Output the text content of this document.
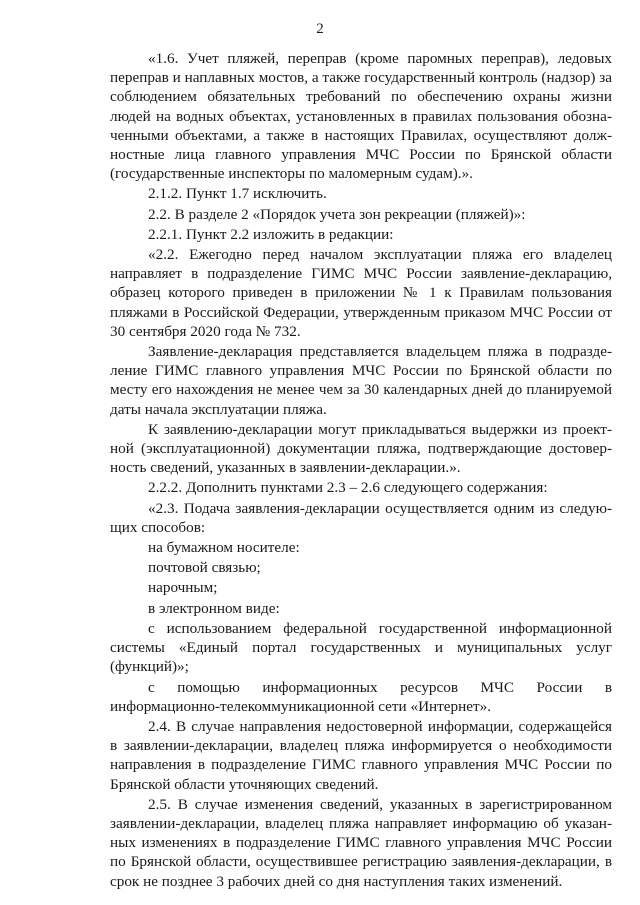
2

«1.6. Учет пляжей, переправ (кроме паромных переправ), ледовых переправ и наплавных мостов, а также государственный контроль (надзор) за соблюдением обязательных требований по обеспечению охраны жизни людей на водных объектах, установленных в правилах пользования обозначенными объектами, а также в настоящих Правилах, осуществляют должностные лица главного управления МЧС России по Брянской области (государственные инспекторы по маломерным судам).».

2.1.2. Пункт 1.7 исключить.

2.2. В разделе 2 «Порядок учета зон рекреации (пляжей)»:

2.2.1. Пункт 2.2 изложить в редакции:

«2.2. Ежегодно перед началом эксплуатации пляжа его владелец направляет в подразделение ГИМС МЧС России заявление-декларацию, образец которого приведен в приложении № 1 к Правилам пользования пляжами в Российской Федерации, утвержденным приказом МЧС России от 30 сентября 2020 года № 732.

Заявление-декларация представляется владельцем пляжа в подразделение ГИМС главного управления МЧС России по Брянской области по месту его нахождения не менее чем за 30 календарных дней до планируемой даты начала эксплуатации пляжа.

К заявлению-декларации могут прикладываться выдержки из проектной (эксплуатационной) документации пляжа, подтверждающие достоверность сведений, указанных в заявлении-декларации.».

2.2.2. Дополнить пунктами 2.3 – 2.6 следующего содержания:

«2.3. Подача заявления-декларации осуществляется одним из следующих способов:

на бумажном носителе:

почтовой связью;

нарочным;

в электронном виде:

с использованием федеральной государственной информационной системы «Единый портал государственных и муниципальных услуг (функций)»;

с помощью информационных ресурсов МЧС России в информационно-телекоммуникационной сети «Интернет».

2.4. В случае направления недостоверной информации, содержащейся в заявлении-декларации, владелец пляжа информируется о необходимости направления в подразделение ГИМС главного управления МЧС России по Брянской области уточняющих сведений.

2.5. В случае изменения сведений, указанных в зарегистрированном заявлении-декларации, владелец пляжа направляет информацию об указанных изменениях в подразделение ГИМС главного управления МЧС России по Брянской области, осуществившее регистрацию заявления-декларации, в срок не позднее 3 рабочих дней со дня наступления таких изменений.
